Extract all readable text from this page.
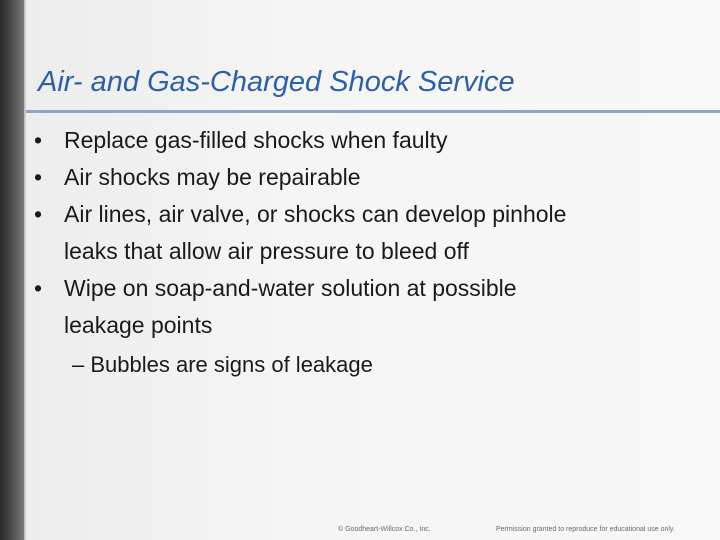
Air- and Gas-Charged Shock Service
• Replace gas-filled shocks when faulty
• Air shocks may be repairable
• Air lines, air valve, or shocks can develop pinhole
leaks that allow air pressure to bleed off
• Wipe on soap-and-water solution at possible
leakage points
– Bubbles are signs of leakage
© Goodheart-Willcox Co., Inc.	Permission granted to reproduce for educational use only.
